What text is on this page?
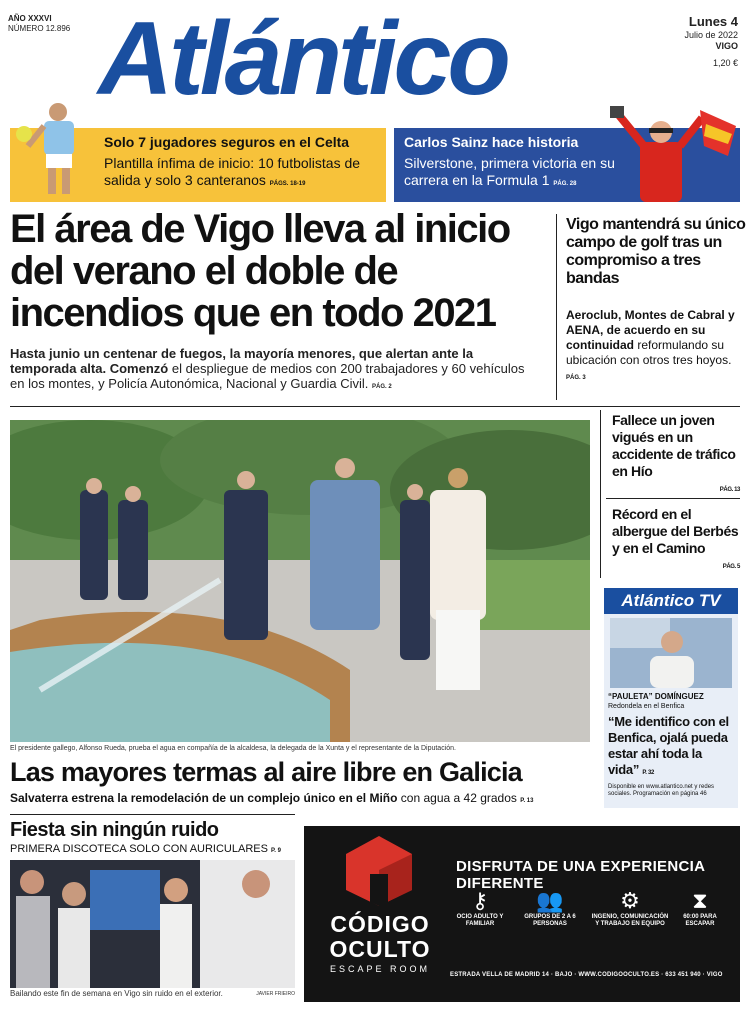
AÑO XXXVI
NÚMERO 12.896 Atlántico	Lunes 4
Julio de 2022
VIGO
1,20 €
Solo 7 jugadores seguros en el Celta
Plantilla ínfima de inicio: 10 futbolistas de salida y solo 3 canteranos PÁGS. 18-19
Carlos Sainz hace historia
Silverstone, primera victoria en su carrera en la Formula 1 PÁG. 28
El área de Vigo lleva al inicio del verano el doble de incendios que en todo 2021
Hasta junio un centenar de fuegos, la mayoría menores, que alertan ante la temporada alta. Comenzó el despliegue de medios con 200 trabajadores y 60 vehículos en los montes, y Policía Autonómica, Nacional y Guardia Civil. PÁG. 2
Vigo mantendrá su único campo de golf tras un compromiso a tres bandas
Aeroclub, Montes de Cabral y AENA, de acuerdo en su continuidad reformulando su ubicación con otros tres hoyos. PÁG. 3
El presidente gallego, Alfonso Rueda, prueba el agua en compañía de la alcaldesa, la delegada de la Xunta y el representante de la Diputación.
Las mayores termas al aire libre en Galicia
Salvaterra estrena la remodelación de un complejo único en el Miño con agua a 42 grados P. 13
Fallece un joven vigués en un accidente de tráfico en Hío
PÁG. 13
Récord en el albergue del Berbés y en el Camino
PÁG. 5
Atlántico TV
“PAULETA” DOMÍNGUEZ
Redondela en el Benfica
“Me identifico con el Benfica, ojalá pueda estar ahí toda la vida” P. 32
Disponible en www.atlantico.net y redes sociales. Programación en página 46
Fiesta sin ningún ruido
PRIMERA DISCOTECA SOLO CON AURICULARES P. 9
Bailando este fin de semana en Vigo sin ruido en el exterior.	JAVIER FRIEIRO
CÓDIGO
OCULTO
ESCAPE ROOM
DISFRUTA DE UNA EXPERIENCIA DIFERENTE
⚷
OCIO ADULTO Y FAMILIAR
👥
GRUPOS DE 2 A 6 PERSONAS
⚙
INGENIO, COMUNICACIÓN Y TRABAJO EN EQUIPO
⧗
60:00 PARA ESCAPAR
ESTRADA VELLA DE MADRID 14 · BAJO · WWW.CODIGOOCULTO.ES · 633 451 940 · VIGO
